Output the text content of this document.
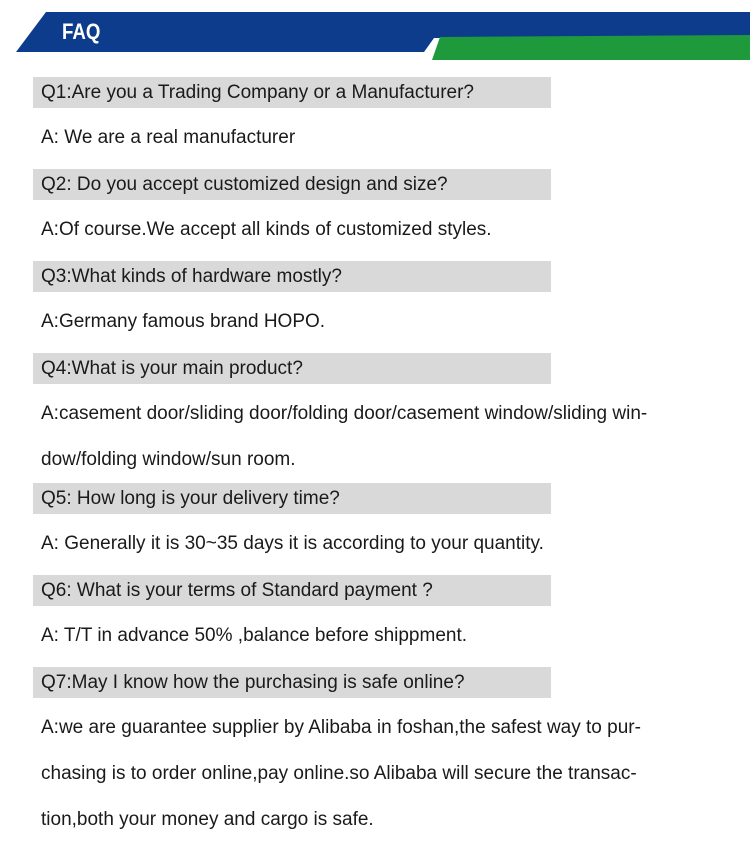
FAQ
Q1:Are you a Trading Company or a Manufacturer?
A: We are a real manufacturer
Q2: Do you accept customized design and size?
A:Of course.We accept all kinds of customized styles.
Q3:What kinds of hardware mostly?
A:Germany famous brand HOPO.
Q4:What is your main product?
A:casement door/sliding door/folding door/casement window/sliding win-
dow/folding window/sun room.
Q5: How long is your delivery time?
A: Generally it is 30~35 days it is according to your quantity.
Q6: What is your terms of Standard payment ?
A: T/T in advance 50% ,balance before shippment.
Q7:May I know how the purchasing is safe online?
A:we are guarantee supplier by Alibaba in foshan,the safest way to pur-
chasing is to order online,pay online.so Alibaba will secure the transac-
tion,both your money and cargo is safe.
